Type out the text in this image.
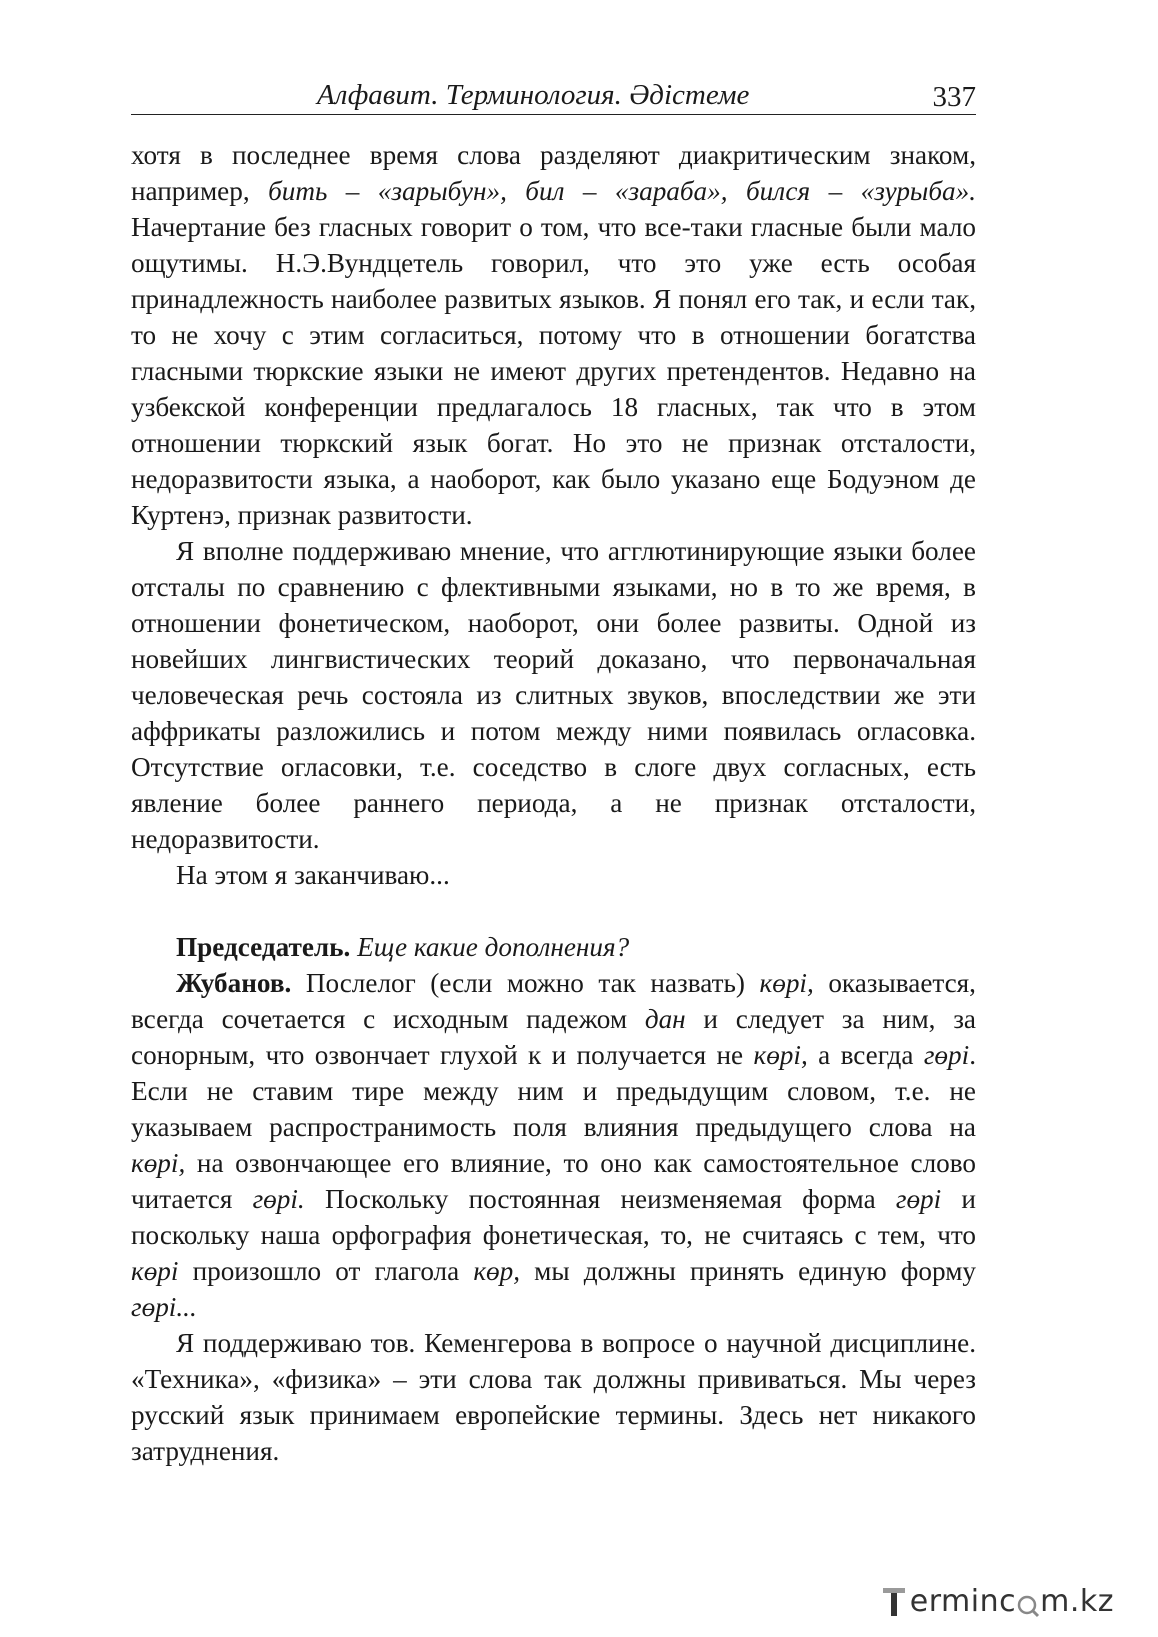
Алфавит. Терминология. Әдістеме	337

хотя в последнее время слова разделяют диакритическим знаком, например, бить – «зарыбун», бил – «зараба», бился – «зурыба». Начертание без гласных говорит о том, что все-таки гласные были мало ощутимы. Н.Э.Вундцетель говорил, что это уже есть особая принадлежность наиболее развитых языков. Я понял его так, и если так, то не хочу с этим согласиться, потому что в отношении богатства гласными тюркские языки не имеют других претендентов. Недавно на узбекской конференции предлагалось 18 гласных, так что в этом отношении тюркский язык богат. Но это не признак отсталости, недоразвитости языка, а наоборот, как было указано еще Бодуэном де Куртенэ, признак развитости.

Я вполне поддерживаю мнение, что агглютинирующие языки более отсталы по сравнению с флективными языками, но в то же время, в отношении фонетическом, наоборот, они более развиты. Одной из новейших лингвистических теорий доказано, что первоначальная человеческая речь состояла из слитных звуков, впоследствии же эти аффрикаты разложились и потом между ними появилась огласовка. Отсутствие огласовки, т.е. соседство в слоге двух согласных, есть явление более раннего периода, а не признак отсталости, недоразвитости.

На этом я заканчиваю...

Председатель. Еще какие дополнения?

Жубанов. Послелог (если можно так назвать) көрі, оказывается, всегда сочетается с исходным падежом дан и следует за ним, за сонорным, что озвончает глухой к и получается не көрі, а всегда гөрі. Если не ставим тире между ним и предыдущим словом, т.е. не указываем распространимость поля влияния предыдущего слова на көрі, на озвончающее его влияние, то оно как самостоятельное слово читается гөрі. Поскольку постоянная неизменяемая форма гөрі и поскольку наша орфография фонетическая, то, не считаясь с тем, что көрі произошло от глагола көр, мы должны принять единую форму гөрі...

Я поддерживаю тов. Кеменгерова в вопросе о научной дисциплине. «Техника», «физика» – эти слова так должны прививаться. Мы через русский язык принимаем европейские термины. Здесь нет никакого затруднения.

erminc m.kz
